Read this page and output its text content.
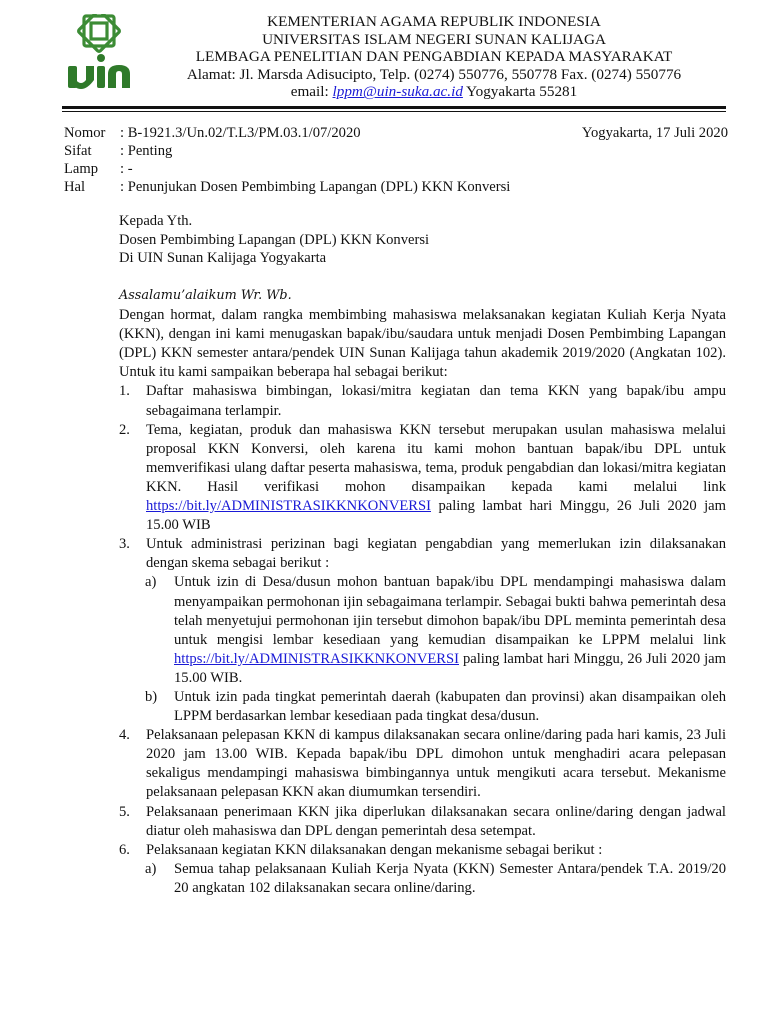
KEMENTERIAN AGAMA REPUBLIK INDONESIA
UNIVERSITAS ISLAM NEGERI SUNAN KALIJAGA
LEMBAGA PENELITIAN DAN PENGABDIAN KEPADA MASYARAKAT
Alamat: Jl. Marsda Adisucipto, Telp. (0274) 550776, 550778 Fax. (0274) 550776
email: lppm@uin-suka.ac.id Yogyakarta 55281
Nomor	: B-1921.3/Un.02/T.L3/PM.03.1/07/2020	Yogyakarta, 17 Juli 2020
Sifat	: Penting
Lamp	: -
Hal	: Penunjukan Dosen Pembimbing Lapangan (DPL) KKN Konversi
Kepada Yth.
Dosen Pembimbing Lapangan (DPL) KKN Konversi
Di UIN Sunan Kalijaga Yogyakarta
Assalamu’alaikum Wr. Wb.
Dengan hormat, dalam rangka membimbing mahasiswa melaksanakan kegiatan Kuliah Kerja Nyata (KKN), dengan ini kami menugaskan bapak/ibu/saudara untuk menjadi Dosen Pembimbing Lapangan (DPL) KKN semester antara/pendek UIN Sunan Kalijaga tahun akademik 2019/2020 (Angkatan 102). Untuk itu kami sampaikan beberapa hal sebagai berikut:
1. Daftar mahasiswa bimbingan, lokasi/mitra kegiatan dan tema KKN yang bapak/ibu ampu sebagaimana terlampir.
2. Tema, kegiatan, produk dan mahasiswa KKN tersebut merupakan usulan mahasiswa melalui proposal KKN Konversi, oleh karena itu kami mohon bantuan bapak/ibu DPL untuk memverifikasi ulang daftar peserta mahasiswa, tema, produk pengabdian dan lokasi/mitra kegiatan KKN. Hasil verifikasi mohon disampaikan kepada kami melalui link https://bit.ly/ADMINISTRASIKKNKONVERSI paling lambat hari Minggu, 26 Juli 2020 jam 15.00 WIB
3. Untuk administrasi perizinan bagi kegiatan pengabdian yang memerlukan izin dilaksanakan dengan skema sebagai berikut :
a) Untuk izin di Desa/dusun mohon bantuan bapak/ibu DPL mendampingi mahasiswa dalam menyampaikan permohonan ijin sebagaimana terlampir. Sebagai bukti bahwa pemerintah desa telah menyetujui permohonan ijin tersebut dimohon bapak/ibu DPL meminta pemerintah desa untuk mengisi lembar kesediaan yang kemudian disampaikan ke LPPM melalui link https://bit.ly/ADMINISTRASIKKNKONVERSI paling lambat hari Minggu, 26 Juli 2020 jam 15.00 WIB.
b) Untuk izin pada tingkat pemerintah daerah (kabupaten dan provinsi) akan disampaikan oleh LPPM berdasarkan lembar kesediaan pada tingkat desa/dusun.
4. Pelaksanaan pelepasan KKN di kampus dilaksanakan secara online/daring pada hari kamis, 23 Juli 2020 jam 13.00 WIB. Kepada bapak/ibu DPL dimohon untuk menghadiri acara pelepasan sekaligus mendampingi mahasiswa bimbingannya untuk mengikuti acara tersebut. Mekanisme pelaksanaan pelepasan KKN akan diumumkan tersendiri.
5. Pelaksanaan penerimaan KKN jika diperlukan dilaksanakan secara online/daring dengan jadwal diatur oleh mahasiswa dan DPL dengan pemerintah desa setempat.
6. Pelaksanaan kegiatan KKN dilaksanakan dengan mekanisme sebagai berikut :
a) Semua tahap pelaksanaan Kuliah Kerja Nyata (KKN) Semester Antara/pendek T.A. 2019/20 20 angkatan 102 dilaksanakan secara online/daring.
